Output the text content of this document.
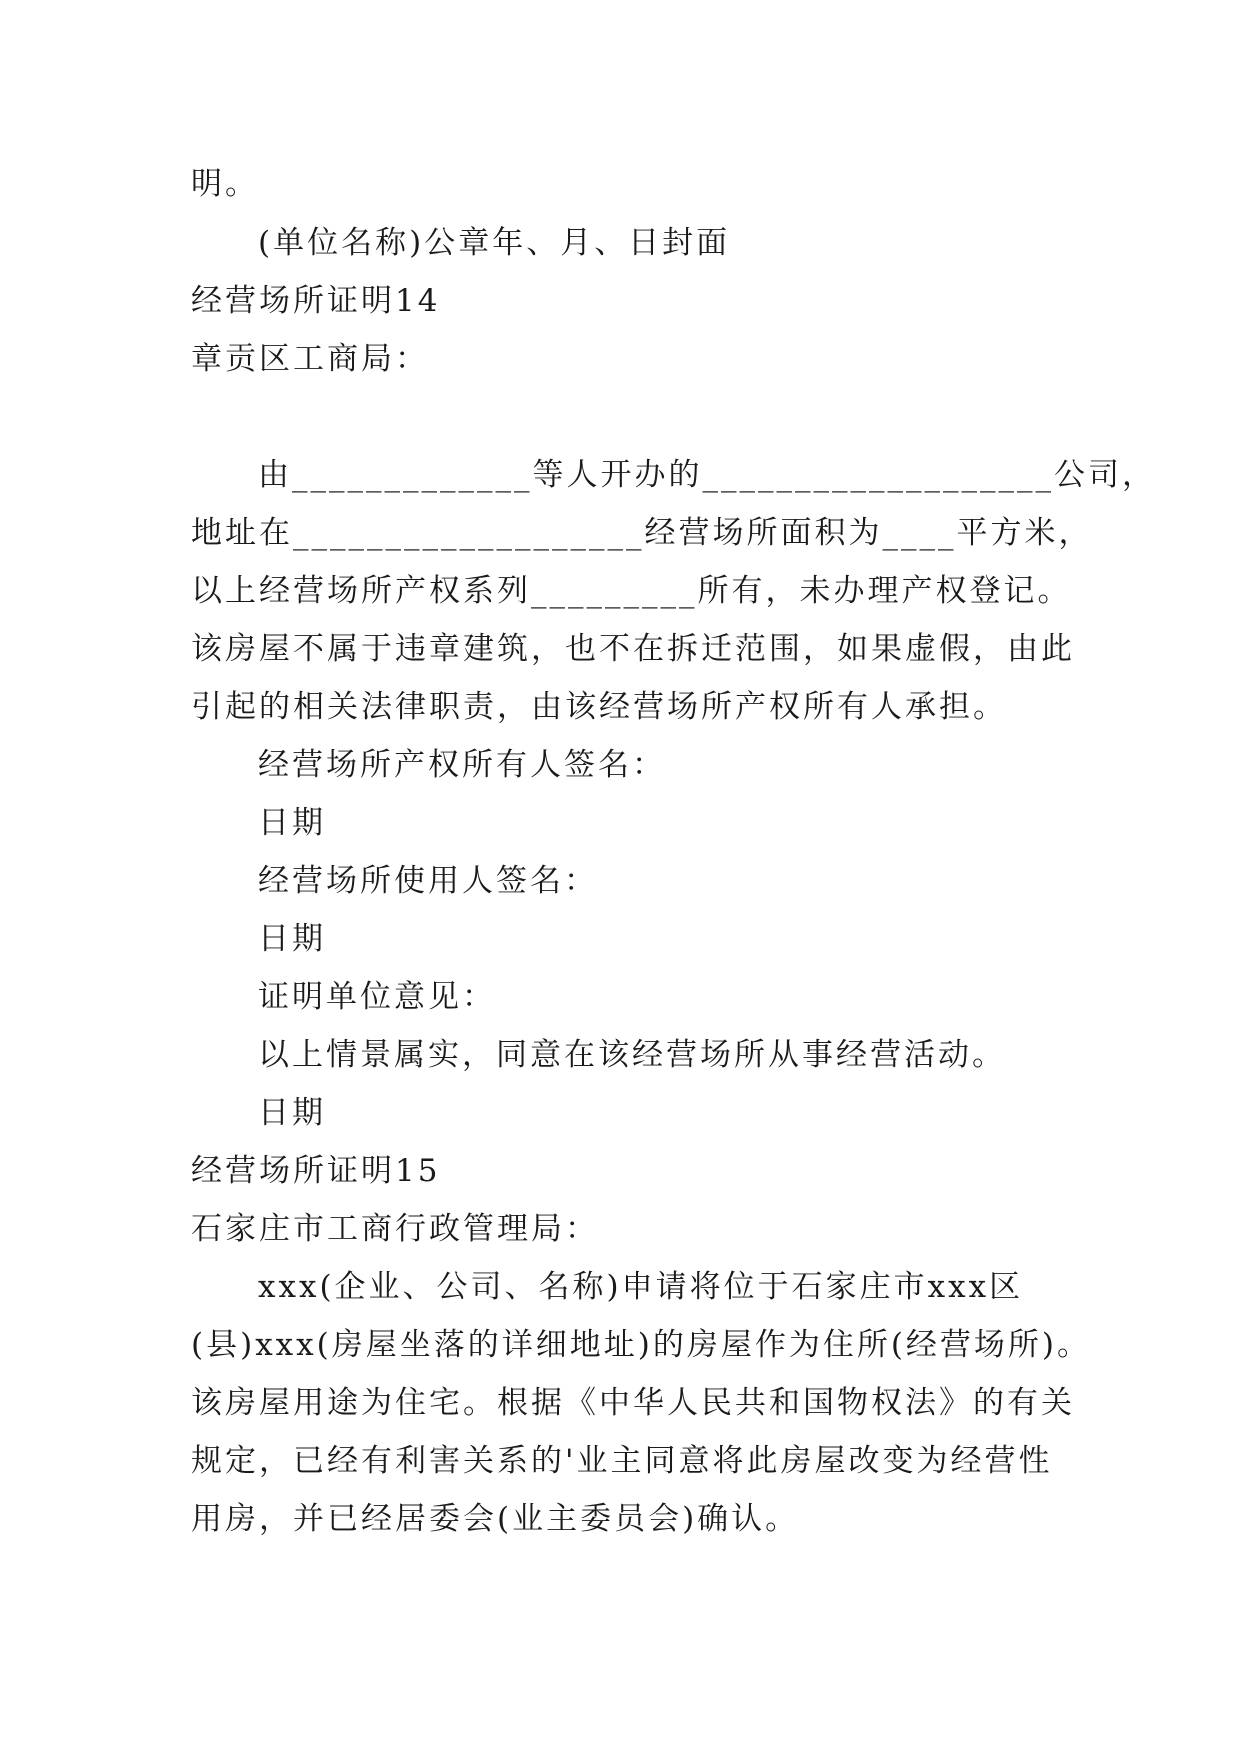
明。
(单位名称)公章年、月、日封面
经营场所证明14
章贡区工商局：
由_____________等人开办的___________________公司，
地址在___________________经营场所面积为____平方米，
以上经营场所产权系列_________所有，未办理产权登记。
该房屋不属于违章建筑，也不在拆迁范围，如果虚假，由此
引起的相关法律职责，由该经营场所产权所有人承担。
经营场所产权所有人签名：
日期
经营场所使用人签名：
日期
证明单位意见：
以上情景属实，同意在该经营场所从事经营活动。
日期
经营场所证明15
石家庄市工商行政管理局：
xxx(企业、公司、名称)申请将位于石家庄市xxx区
(县)xxx(房屋坐落的详细地址)的房屋作为住所(经营场所)。
该房屋用途为住宅。根据《中华人民共和国物权法》的有关
规定，已经有利害关系的'业主同意将此房屋改变为经营性
用房，并已经居委会(业主委员会)确认。
